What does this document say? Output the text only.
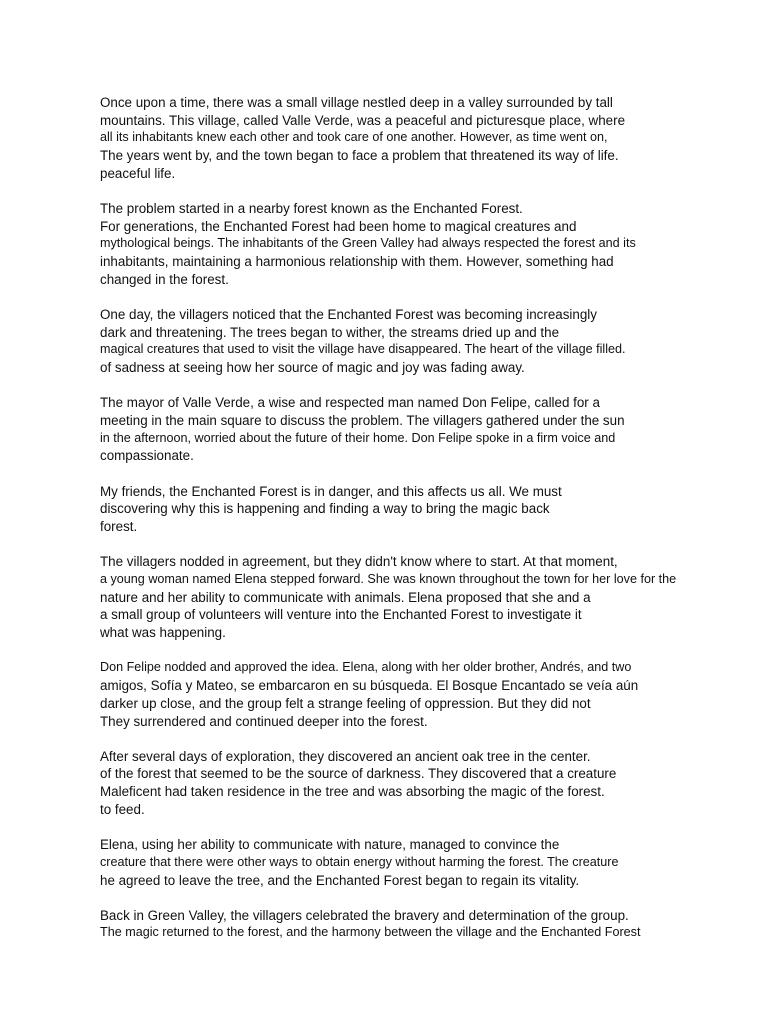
Once upon a time, there was a small village nestled deep in a valley surrounded by tall
mountains. This village, called Valle Verde, was a peaceful and picturesque place, where
all its inhabitants knew each other and took care of one another. However, as time went on,
The years went by, and the town began to face a problem that threatened its way of life.
peaceful life.
The problem started in a nearby forest known as the Enchanted Forest.
For generations, the Enchanted Forest had been home to magical creatures and
mythological beings. The inhabitants of the Green Valley had always respected the forest and its
inhabitants, maintaining a harmonious relationship with them. However, something had
changed in the forest.
One day, the villagers noticed that the Enchanted Forest was becoming increasingly
dark and threatening. The trees began to wither, the streams dried up and the
magical creatures that used to visit the village have disappeared. The heart of the village filled.
of sadness at seeing how her source of magic and joy was fading away.
The mayor of Valle Verde, a wise and respected man named Don Felipe, called for a
meeting in the main square to discuss the problem. The villagers gathered under the sun
in the afternoon, worried about the future of their home. Don Felipe spoke in a firm voice and
compassionate.
My friends, the Enchanted Forest is in danger, and this affects us all. We must
discovering why this is happening and finding a way to bring the magic back
forest.
The villagers nodded in agreement, but they didn't know where to start. At that moment,
a young woman named Elena stepped forward. She was known throughout the town for her love for the
nature and her ability to communicate with animals. Elena proposed that she and a
a small group of volunteers will venture into the Enchanted Forest to investigate it
what was happening.
Don Felipe nodded and approved the idea. Elena, along with her older brother, Andrés, and two
amigos, Sofía y Mateo, se embarcaron en su búsqueda. El Bosque Encantado se veía aún
darker up close, and the group felt a strange feeling of oppression. But they did not
They surrendered and continued deeper into the forest.
After several days of exploration, they discovered an ancient oak tree in the center.
of the forest that seemed to be the source of darkness. They discovered that a creature
Maleficent had taken residence in the tree and was absorbing the magic of the forest.
to feed.
Elena, using her ability to communicate with nature, managed to convince the
creature that there were other ways to obtain energy without harming the forest. The creature
he agreed to leave the tree, and the Enchanted Forest began to regain its vitality.
Back in Green Valley, the villagers celebrated the bravery and determination of the group.
The magic returned to the forest, and the harmony between the village and the Enchanted Forest
